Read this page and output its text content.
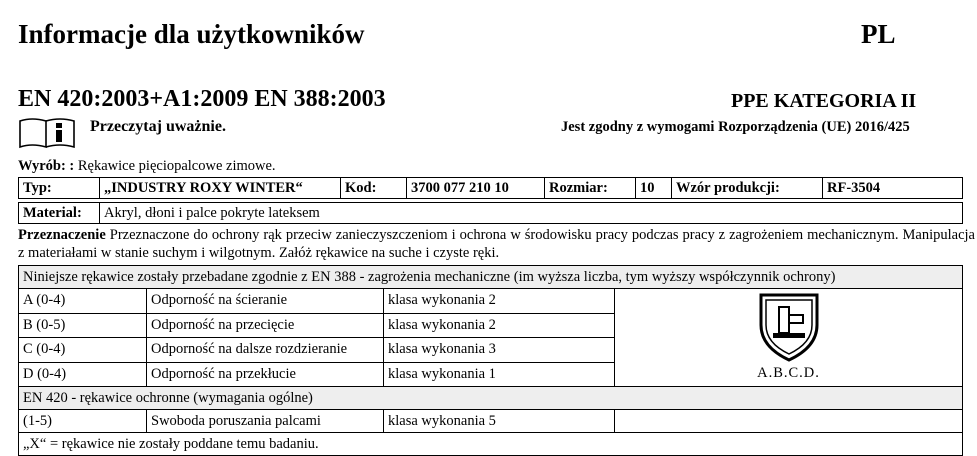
Informacje dla użytkowników	PL
EN 420:2003+A1:2009 EN 388:2003	PPE KATEGORIA II
Przeczytaj uważnie.	Jest zgodny z wymogami Rozporządzenia (UE) 2016/425
Wyrób: : Rękawice pięciopalcowe zimowe.
Typ:	„INDUSTRY ROXY WINTER“	Kod:	3700 077 210 10	Rozmiar:	10	Wzór produkcji:	RF-3504
Material:	Akryl, dłoni i palce pokryte lateksem
Przeznaczenie Przeznaczone do ochrony rąk przeciw zanieczyszczeniom i ochrona w środowisku pracy podczas pracy z zagrożeniem mechanicznym. Manipulacja z materiałami w stanie suchym i wilgotnym. Załóż rękawice na suche i czyste ręki.
Niniejsze rękawice zostały przebadane zgodnie z EN 388 - zagrożenia mechaniczne (im wyższa liczba, tym wyższy współczynnik ochrony)			
A (0-4)	Odporność na ścieranie	klasa wykonania 2	A.B.C.D.
B (0-5)	Odporność na przecięcie	klasa wykonania 2	
C (0-4)	Odporność na dalsze rozdzieranie	klasa wykonania 3	
D (0-4)	Odporność na przekłucie	klasa wykonania 1	
EN 420 - rękawice ochronne (wymagania ogólne)			
(1-5)	Swoboda poruszania palcami	klasa wykonania 5	
„X“ = rękawice nie zostały poddane temu badaniu.			
